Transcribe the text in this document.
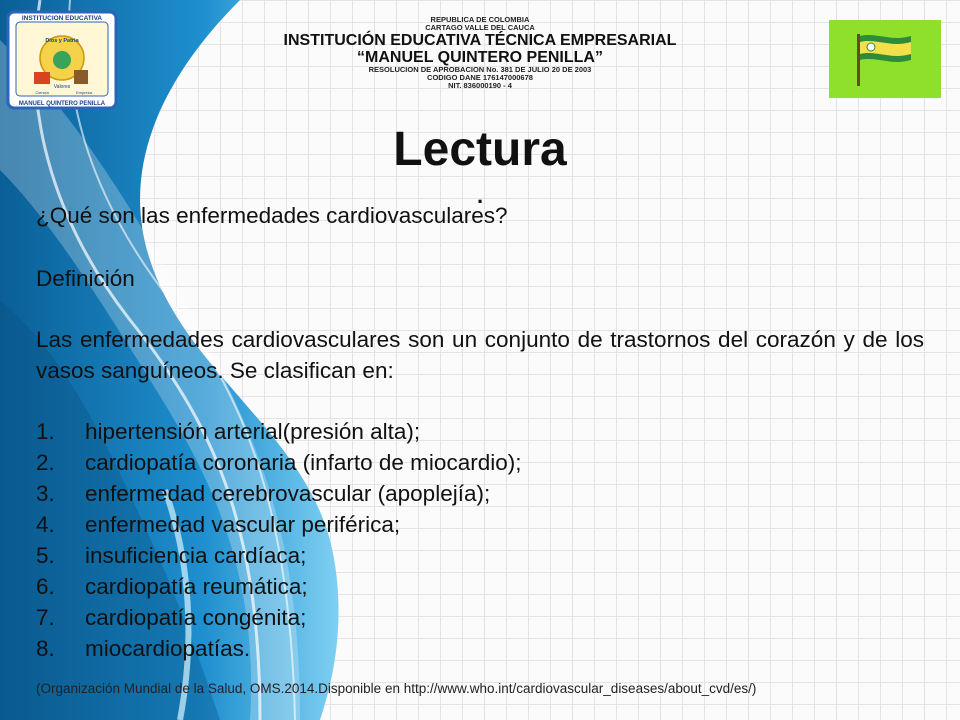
INSTITUCION EDUCATIVA
Dios y Patria
Valores
Ciencia	Empresa
MANUEL QUINTERO PENILLA
REPUBLICA DE COLOMBIA
CARTAGO VALLE DEL CAUCA
INSTITUCIÓN EDUCATIVA TÉCNICA EMPRESARIAL
“MANUEL QUINTERO PENILLA”
RESOLUCION DE APROBACION No. 381 DE JULIO 20 DE 2003
CODIGO DANE 176147000678
NIT. 836000190 - 4
Lectura
.

¿Qué son las enfermedades cardiovasculares?

Definición

Las enfermedades cardiovasculares son un conjunto de trastornos del corazón y de los vasos sanguíneos. Se clasifican en:

1.	hipertensión arterial(presión alta);
2.	cardiopatía coronaria (infarto de miocardio);
3.	enfermedad cerebrovascular (apoplejía);
4.	enfermedad vascular periférica;
5.	insuficiencia cardíaca;
6.	cardiopatía reumática;
7.	cardiopatía congénita;
8.	miocardiopatías.
(Organización Mundial de la Salud, OMS.2014.Disponible en http://www.who.int/cardiovascular_diseases/about_cvd/es/)
